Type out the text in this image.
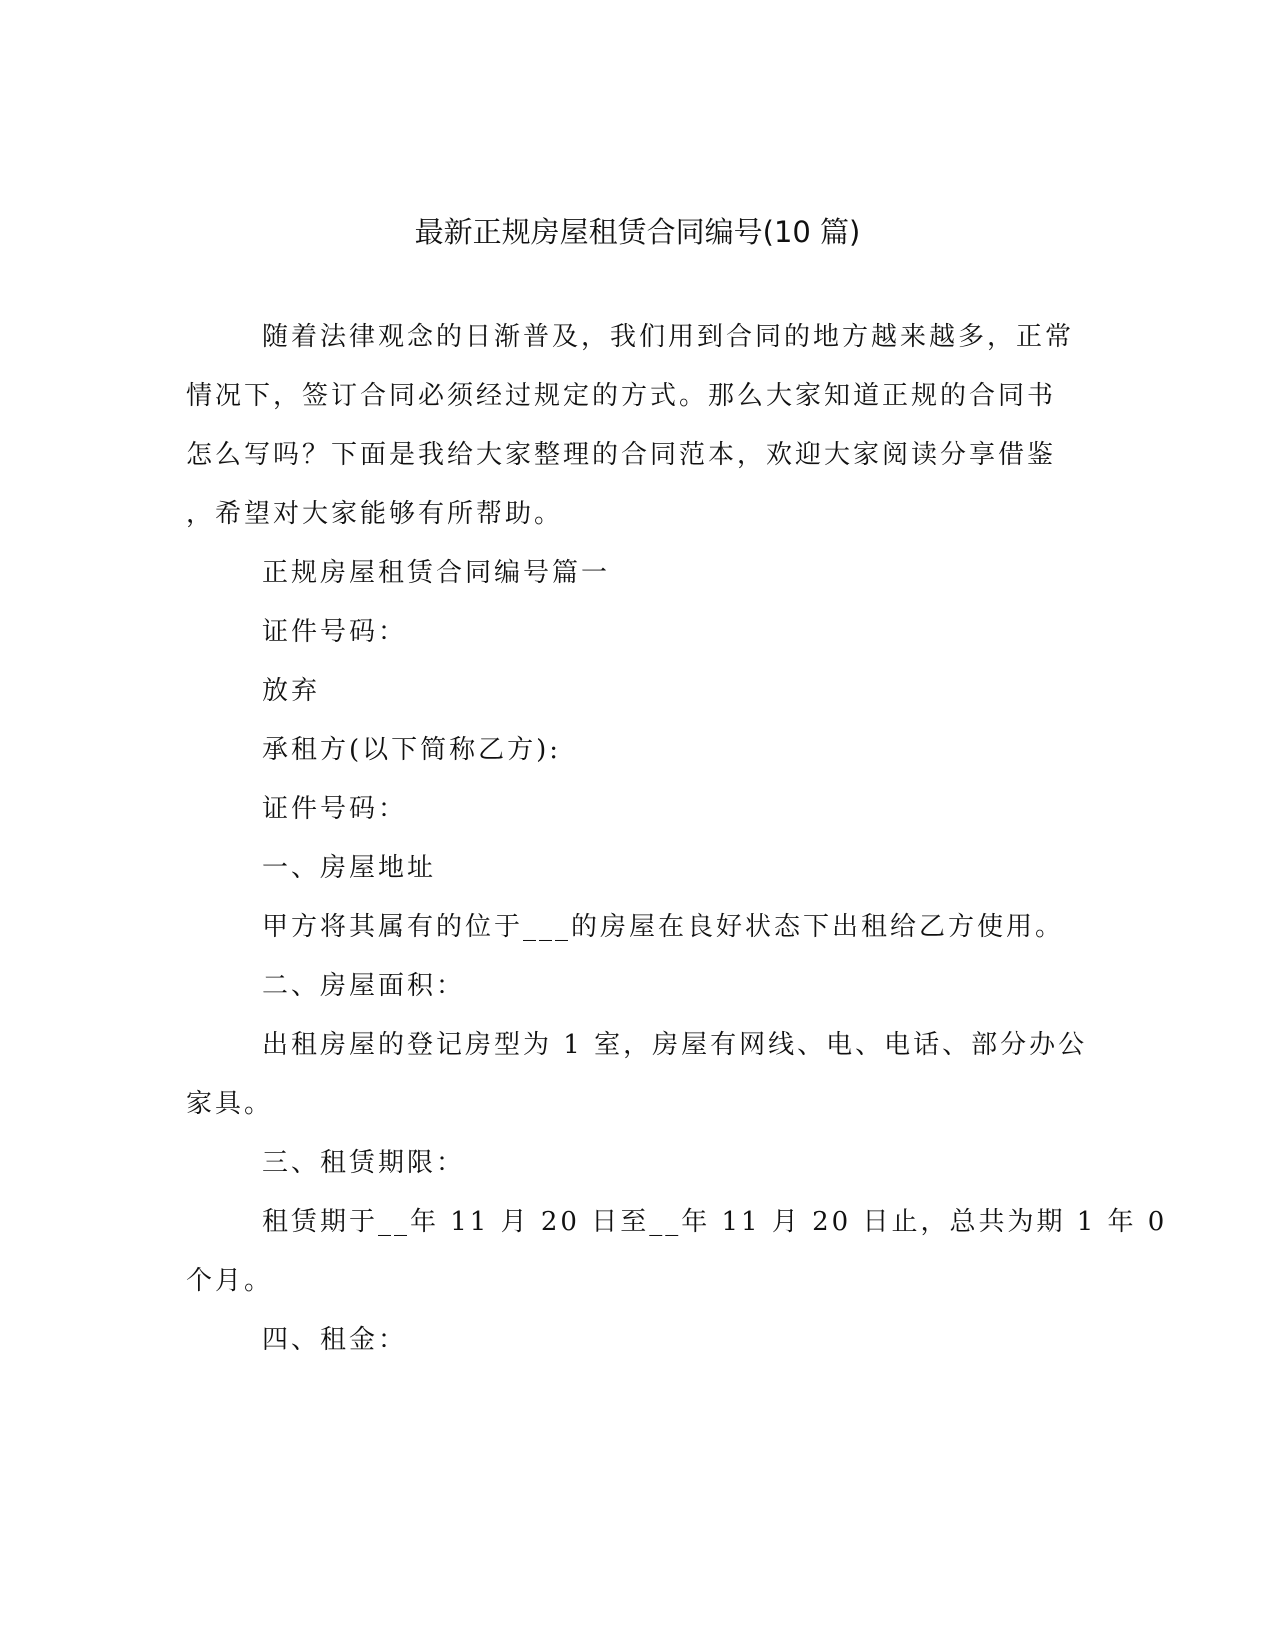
最新正规房屋租赁合同编号(10 篇)
随着法律观念的日渐普及，我们用到合同的地方越来越多，正常
情况下，签订合同必须经过规定的方式。那么大家知道正规的合同书
怎么写吗？下面是我给大家整理的合同范本，欢迎大家阅读分享借鉴
，希望对大家能够有所帮助。
正规房屋租赁合同编号篇一
证件号码：
放弃
承租方(以下简称乙方):
证件号码：
一、房屋地址
甲方将其属有的位于___的房屋在良好状态下出租给乙方使用。
二、房屋面积：
出租房屋的登记房型为 1 室，房屋有网线、电、电话、部分办公
家具。
三、租赁期限：
租赁期于__年 11 月 20 日至__年 11 月 20 日止，总共为期 1 年 0
个月。
四、租金：
